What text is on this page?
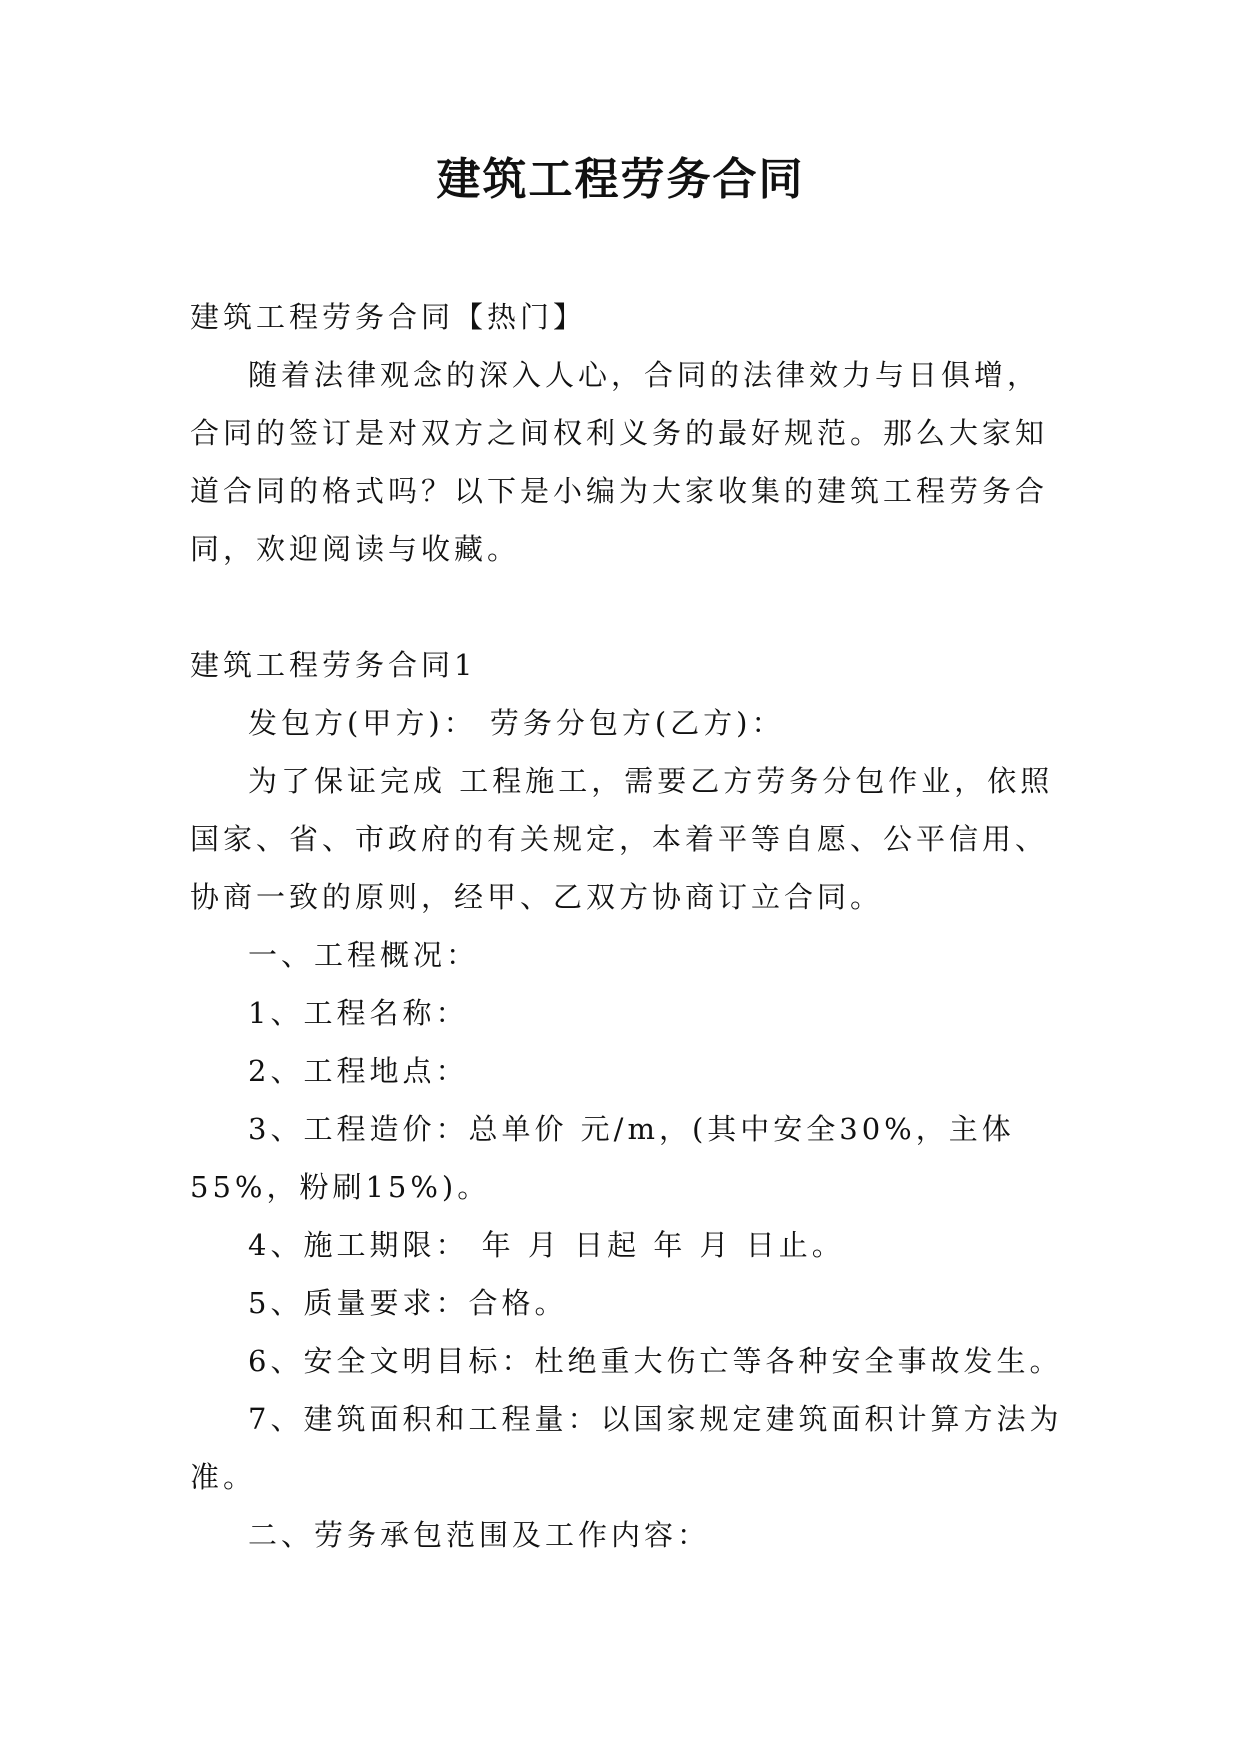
建筑工程劳务合同

建筑工程劳务合同【热门】

随着法律观念的深入人心，合同的法律效力与日俱增，合同的签订是对双方之间权利义务的最好规范。那么大家知道合同的格式吗？以下是小编为大家收集的建筑工程劳务合同，欢迎阅读与收藏。

建筑工程劳务合同1

发包方(甲方)： 劳务分包方(乙方)：

为了保证完成 工程施工，需要乙方劳务分包作业，依照国家、省、市政府的有关规定，本着平等自愿、公平信用、协商一致的原则，经甲、乙双方协商订立合同。

一、工程概况：

1、工程名称：

2、工程地点：

3、工程造价：总单价 元/m，(其中安全30%，主体55%，粉刷15%)。

4、施工期限： 年 月 日起 年 月 日止。

5、质量要求：合格。

6、安全文明目标：杜绝重大伤亡等各种安全事故发生。

7、建筑面积和工程量：以国家规定建筑面积计算方法为准。

二、劳务承包范围及工作内容：
